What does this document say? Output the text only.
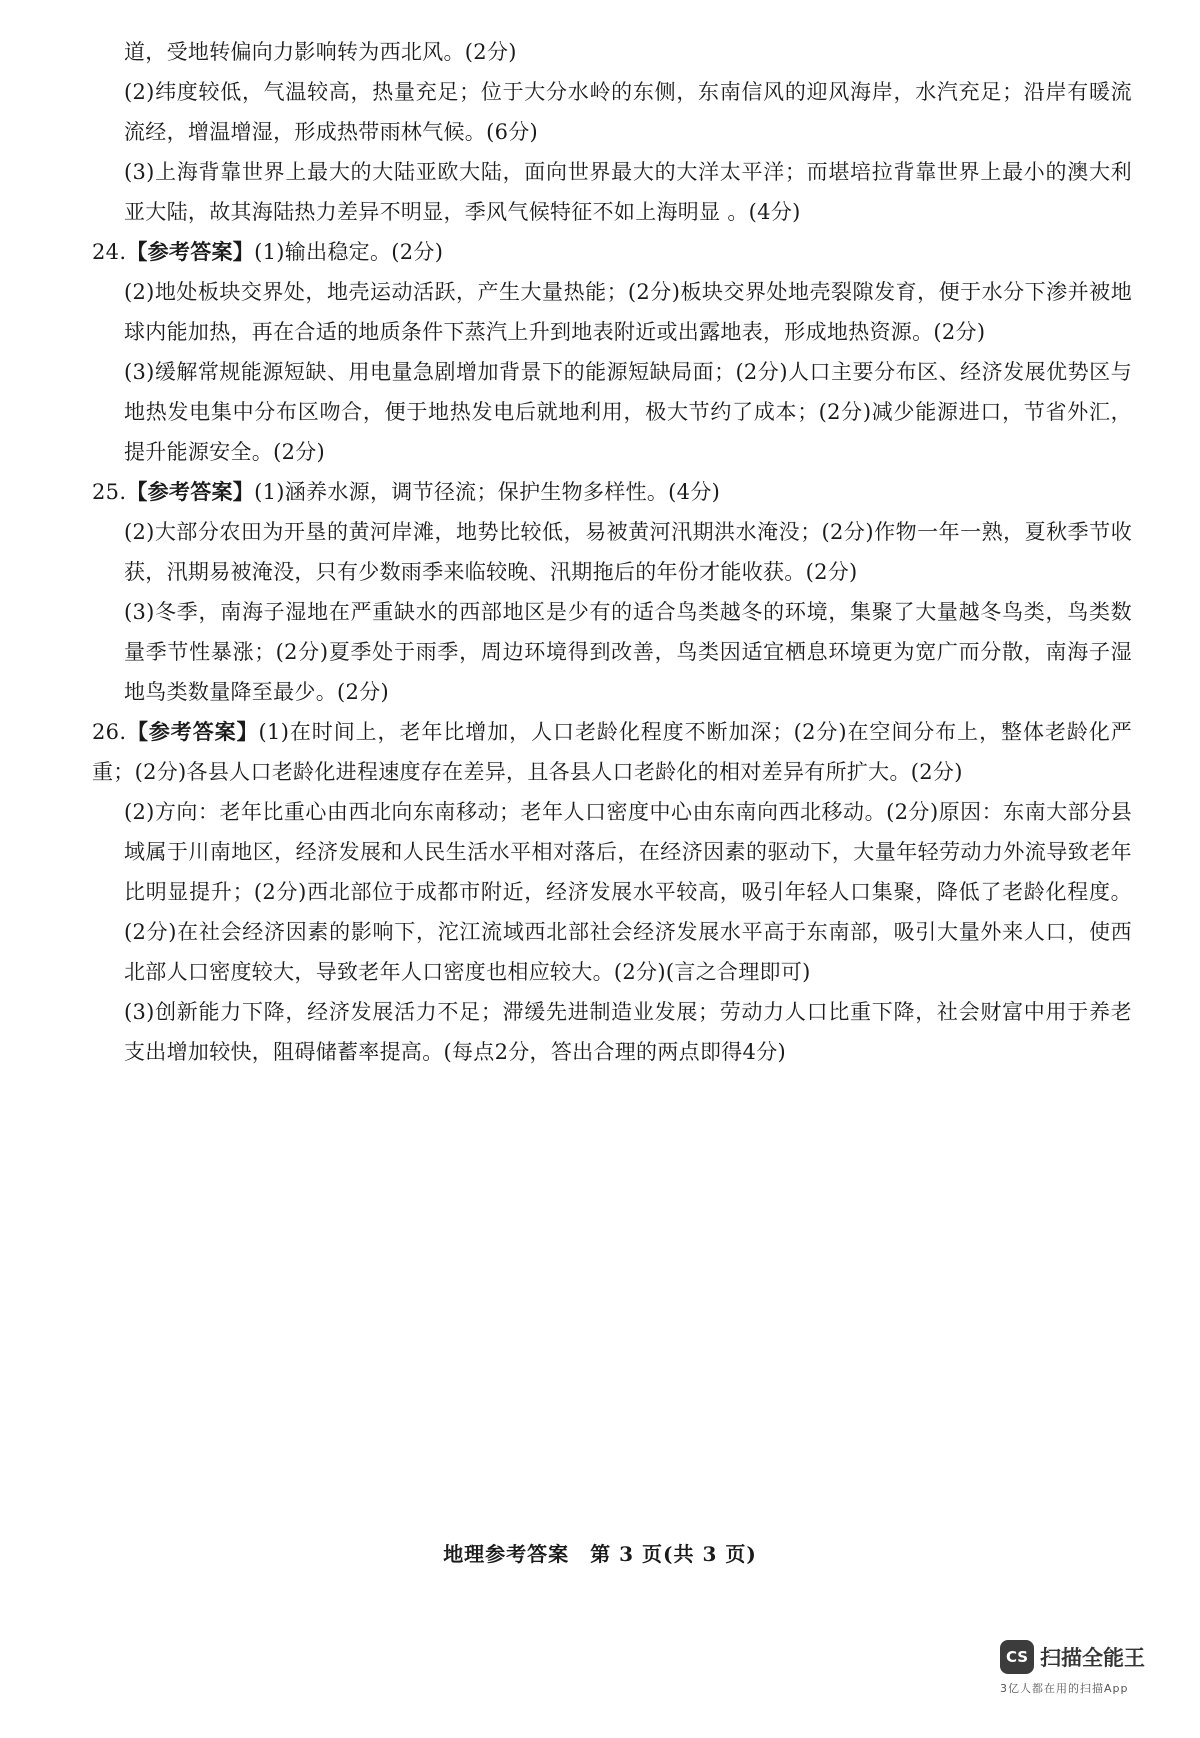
道，受地转偏向力影响转为西北风。(2分)

(2)纬度较低，气温较高，热量充足；位于大分水岭的东侧，东南信风的迎风海岸，水汽充足；沿岸有暖流流经，增温增湿，形成热带雨林气候。(6分)

(3)上海背靠世界上最大的大陆亚欧大陆，面向世界最大的大洋太平洋；而堪培拉背靠世界上最小的澳大利亚大陆，故其海陆热力差异不明显，季风气候特征不如上海明显 。(4分)

24.【参考答案】(1)输出稳定。(2分)

(2)地处板块交界处，地壳运动活跃，产生大量热能；(2分)板块交界处地壳裂隙发育，便于水分下渗并被地球内能加热，再在合适的地质条件下蒸汽上升到地表附近或出露地表，形成地热资源。(2分)

(3)缓解常规能源短缺、用电量急剧增加背景下的能源短缺局面；(2分)人口主要分布区、经济发展优势区与地热发电集中分布区吻合，便于地热发电后就地利用，极大节约了成本；(2分)减少能源进口，节省外汇，提升能源安全。(2分)

25.【参考答案】(1)涵养水源，调节径流；保护生物多样性。(4分)

(2)大部分农田为开垦的黄河岸滩，地势比较低，易被黄河汛期洪水淹没；(2分)作物一年一熟，夏秋季节收获，汛期易被淹没，只有少数雨季来临较晚、汛期拖后的年份才能收获。(2分)

(3)冬季，南海子湿地在严重缺水的西部地区是少有的适合鸟类越冬的环境，集聚了大量越冬鸟类，鸟类数量季节性暴涨；(2分)夏季处于雨季，周边环境得到改善，鸟类因适宜栖息环境更为宽广而分散，南海子湿地鸟类数量降至最少。(2分)

26.【参考答案】(1)在时间上，老年比增加，人口老龄化程度不断加深；(2分)在空间分布上，整体老龄化严重；(2分)各县人口老龄化进程速度存在差异，且各县人口老龄化的相对差异有所扩大。(2分)

(2)方向：老年比重心由西北向东南移动；老年人口密度中心由东南向西北移动。(2分)原因：东南大部分县域属于川南地区，经济发展和人民生活水平相对落后，在经济因素的驱动下，大量年轻劳动力外流导致老年比明显提升；(2分)西北部位于成都市附近，经济发展水平较高，吸引年轻人口集聚，降低了老龄化程度。(2分)在社会经济因素的影响下，沱江流域西北部社会经济发展水平高于东南部，吸引大量外来人口，使西北部人口密度较大，导致老年人口密度也相应较大。(2分)(言之合理即可)

(3)创新能力下降，经济发展活力不足；滞缓先进制造业发展；劳动力人口比重下降，社会财富中用于养老支出增加较快，阻碍储蓄率提高。(每点2分，答出合理的两点即得4分)

地理参考答案　第 3 页(共 3 页)
CS 扫描全能王
3亿人都在用的扫描App
